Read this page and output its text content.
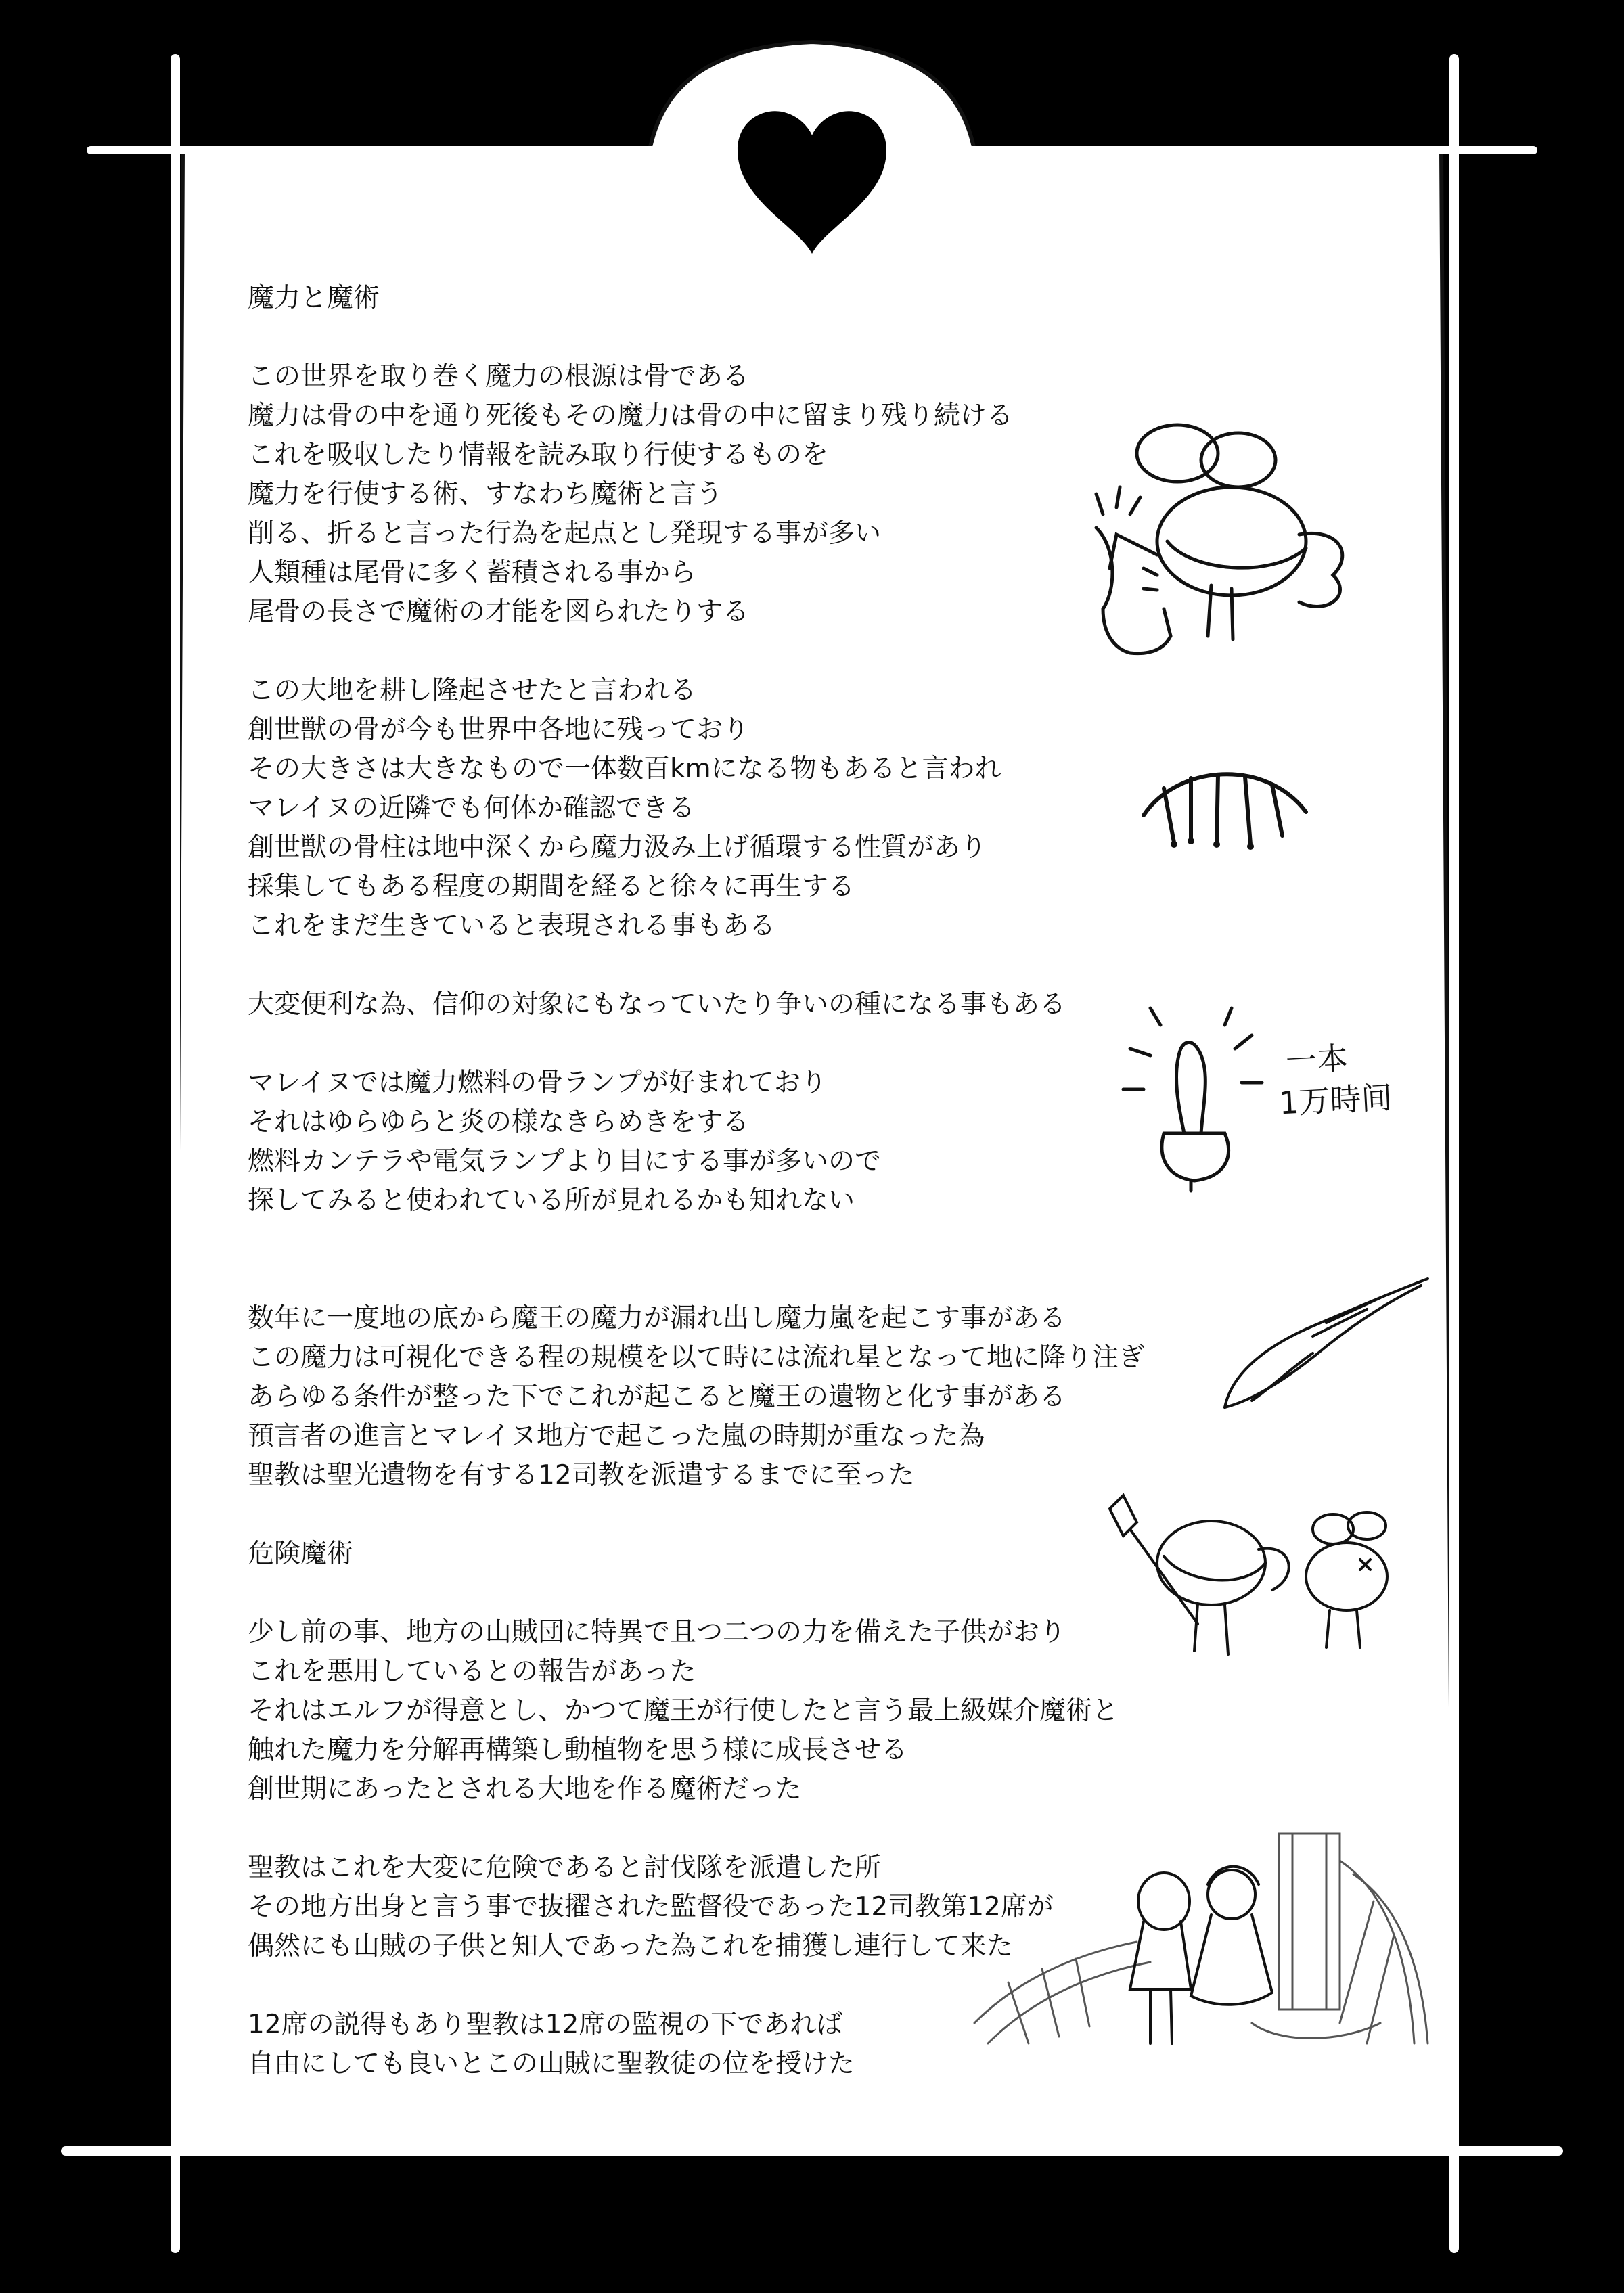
魔力と魔術
この世界を取り巻く魔力の根源は骨である
魔力は骨の中を通り死後もその魔力は骨の中に留まり残り続ける
これを吸収したり情報を読み取り行使するものを
魔力を行使する術、すなわち魔術と言う
削る、折ると言った行為を起点とし発現する事が多い
人類種は尾骨に多く蓄積される事から
尾骨の長さで魔術の才能を図られたりする
この大地を耕し隆起させたと言われる
創世獣の骨が今も世界中各地に残っており
その大きさは大きなもので一体数百kmになる物もあると言われ
マレイヌの近隣でも何体か確認できる
創世獣の骨柱は地中深くから魔力汲み上げ循環する性質があり
採集してもある程度の期間を経ると徐々に再生する
これをまだ生きていると表現される事もある
大変便利な為、信仰の対象にもなっていたり争いの種になる事もある
マレイヌでは魔力燃料の骨ランプが好まれており
それはゆらゆらと炎の様なきらめきをする
燃料カンテラや電気ランプより目にする事が多いので
探してみると使われている所が見れるかも知れない
数年に一度地の底から魔王の魔力が漏れ出し魔力嵐を起こす事がある
この魔力は可視化できる程の規模を以て時には流れ星となって地に降り注ぎ
あらゆる条件が整った下でこれが起こると魔王の遺物と化す事がある
預言者の進言とマレイヌ地方で起こった嵐の時期が重なった為
聖教は聖光遺物を有する12司教を派遣するまでに至った
危険魔術
少し前の事、地方の山賊団に特異で且つ二つの力を備えた子供がおり
これを悪用しているとの報告があった
それはエルフが得意とし、かつて魔王が行使したと言う最上級媒介魔術と
触れた魔力を分解再構築し動植物を思う様に成長させる
創世期にあったとされる大地を作る魔術だった
聖教はこれを大変に危険であると討伐隊を派遣した所
その地方出身と言う事で抜擢された監督役であった12司教第12席が
偶然にも山賊の子供と知人であった為これを捕獲し連行して来た
12席の説得もあり聖教は12席の監視の下であれば
自由にしても良いとこの山賊に聖教徒の位を授けた
一本
1万時间
